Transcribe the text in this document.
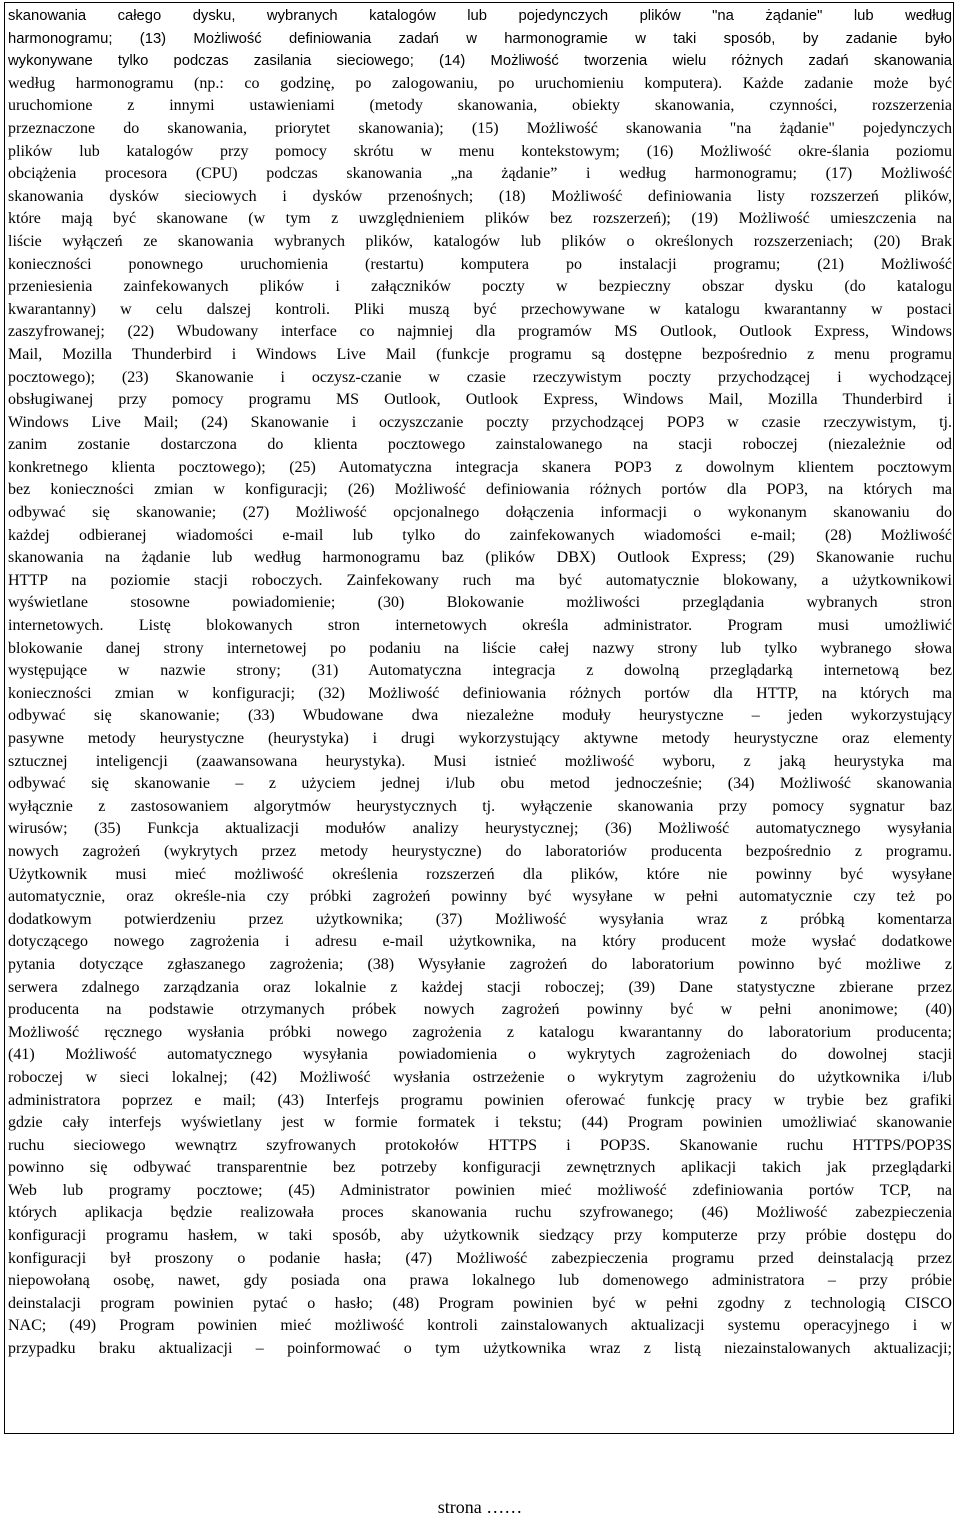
skanowania całego dysku, wybranych katalogów lub pojedynczych plików "na żądanie" lub według
harmonogramu; (13) Możliwość definiowania zadań w harmonogramie w taki sposób, by zadanie było
wykonywane tylko podczas zasilania sieciowego; (14) Możliwość tworzenia wielu różnych zadań skanowania
według harmonogramu (np.: co godzinę, po zalogowaniu, po uruchomieniu komputera). Każde zadanie może być
uruchomione z innymi ustawieniami (metody skanowania, obiekty skanowania, czynności, rozszerzenia
przeznaczone do skanowania, priorytet skanowania); (15) Możliwość skanowania "na żądanie" pojedynczych
plików lub katalogów przy pomocy skrótu w menu kontekstowym; (16) Możliwość okre-ślania poziomu
obciążenia procesora (CPU) podczas skanowania „na żądanie” i według harmonogramu; (17) Możliwość
skanowania dysków sieciowych i dysków przenośnych; (18) Możliwość definiowania listy rozszerzeń plików,
które mają być skanowane (w tym z uwzględnieniem plików bez rozszerzeń); (19) Możliwość umieszczenia na
liście wyłączeń ze skanowania wybranych plików, katalogów lub plików o określonych rozszerzeniach; (20) Brak
konieczności ponownego uruchomienia (restartu) komputera po instalacji programu; (21) Możliwość
przeniesienia zainfekowanych plików i załączników poczty w bezpieczny obszar dysku (do katalogu
kwarantanny) w celu dalszej kontroli. Pliki muszą być przechowywane w katalogu kwarantanny w postaci
zaszyfrowanej; (22) Wbudowany interface co najmniej dla programów MS Outlook, Outlook Express, Windows
Mail, Mozilla Thunderbird i Windows Live Mail (funkcje programu są dostępne bezpośrednio z menu programu
pocztowego); (23) Skanowanie i oczysz-czanie w czasie rzeczywistym poczty przychodzącej i wychodzącej
obsługiwanej przy pomocy programu MS Outlook, Outlook Express, Windows Mail, Mozilla Thunderbird i
Windows Live Mail; (24) Skanowanie i oczyszczanie poczty przychodzącej POP3 w czasie rzeczywistym, tj.
zanim zostanie dostarczona do klienta pocztowego zainstalowanego na stacji roboczej (niezależnie od
konkretnego klienta pocztowego); (25) Automatyczna integracja skanera POP3 z dowolnym klientem pocztowym
bez konieczności zmian w konfiguracji; (26) Możliwość definiowania różnych portów dla POP3, na których ma
odbywać się skanowanie; (27) Możliwość opcjonalnego dołączenia informacji o wykonanym skanowaniu do
każdej odbieranej wiadomości e-mail lub tylko do zainfekowanych wiadomości e-mail; (28) Możliwość
skanowania na żądanie lub według harmonogramu baz (plików DBX) Outlook Express; (29) Skanowanie ruchu
HTTP na poziomie stacji roboczych. Zainfekowany ruch ma być automatycznie blokowany, a użytkownikowi
wyświetlane stosowne powiadomienie; (30) Blokowanie możliwości przeglądania wybranych stron
internetowych. Listę blokowanych stron internetowych określa administrator. Program musi umożliwić
blokowanie danej strony internetowej po podaniu na liście całej nazwy strony lub tylko wybranego słowa
występujące w nazwie strony; (31) Automatyczna integracja z dowolną przeglądarką internetową bez
konieczności zmian w konfiguracji; (32) Możliwość definiowania różnych portów dla HTTP, na których ma
odbywać się skanowanie; (33) Wbudowane dwa niezależne moduły heurystyczne – jeden wykorzystujący
pasywne metody heurystyczne (heurystyka) i drugi wykorzystujący aktywne metody heurystyczne oraz elementy
sztucznej inteligencji (zaawansowana heurystyka). Musi istnieć możliwość wyboru, z jaką heurystyka ma
odbywać się skanowanie – z użyciem jednej i/lub obu metod jednocześnie; (34) Możliwość skanowania
wyłącznie z zastosowaniem algorytmów heurystycznych tj. wyłączenie skanowania przy pomocy sygnatur baz
wirusów; (35) Funkcja aktualizacji modułów analizy heurystycznej; (36) Możliwość automatycznego wysyłania
nowych zagrożeń (wykrytych przez metody heurystyczne) do laboratoriów producenta bezpośrednio z programu.
Użytkownik musi mieć możliwość określenia rozszerzeń dla plików, które nie powinny być wysyłane
automatycznie, oraz określe-nia czy próbki zagrożeń powinny być wysyłane w pełni automatycznie czy też po
dodatkowym potwierdzeniu przez użytkownika; (37) Możliwość wysyłania wraz z próbką komentarza
dotyczącego nowego zagrożenia i adresu e-mail użytkownika, na który producent może wysłać dodatkowe
pytania dotyczące zgłaszanego zagrożenia; (38) Wysyłanie zagrożeń do laboratorium powinno być możliwe z
serwera zdalnego zarządzania oraz lokalnie z każdej stacji roboczej; (39) Dane statystyczne zbierane przez
producenta na podstawie otrzymanych próbek nowych zagrożeń powinny być w pełni anonimowe; (40)
Możliwość ręcznego wysłania próbki nowego zagrożenia z katalogu kwarantanny do laboratorium producenta;
(41) Możliwość automatycznego wysyłania powiadomienia o wykrytych zagrożeniach do dowolnej stacji
roboczej w sieci lokalnej; (42) Możliwość wysłania ostrzeżenie o wykrytym zagrożeniu do użytkownika i/lub
administratora poprzez e mail; (43) Interfejs programu powinien oferować funkcję pracy w trybie bez grafiki
gdzie cały interfejs wyświetlany jest w formie formatek i tekstu; (44) Program powinien umożliwiać skanowanie
ruchu sieciowego wewnątrz szyfrowanych protokołów HTTPS i POP3S. Skanowanie ruchu HTTPS/POP3S
powinno się odbywać transparentnie bez potrzeby konfiguracji zewnętrznych aplikacji takich jak przeglądarki
Web lub programy pocztowe; (45) Administrator powinien mieć możliwość zdefiniowania portów TCP, na
których aplikacja będzie realizowała proces skanowania ruchu szyfrowanego; (46) Możliwość zabezpieczenia
konfiguracji programu hasłem, w taki sposób, aby użytkownik siedzący przy komputerze przy próbie dostępu do
konfiguracji był proszony o podanie hasła; (47) Możliwość zabezpieczenia programu przed deinstalacją przez
niepowołaną osobę, nawet, gdy posiada ona prawa lokalnego lub domenowego administratora – przy próbie
deinstalacji program powinien pytać o hasło; (48) Program powinien być w pełni zgodny z technologią CISCO
NAC; (49) Program powinien mieć możliwość kontroli zainstalowanych aktualizacji systemu operacyjnego i w
przypadku braku aktualizacji – poinformować o tym użytkownika wraz z listą niezainstalowanych aktualizacji;
strona ……
